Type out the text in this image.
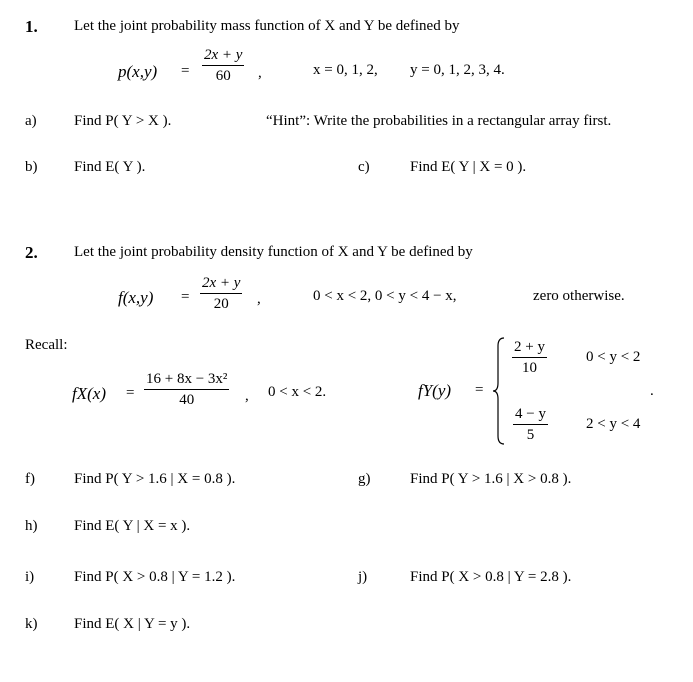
1. Let the joint probability mass function of X and Y be defined by
$p(x,y) = \frac{2x + y}{60}$ ,	x = 0, 1, 2, y = 0, 1, 2, 3, 4.
a) Find P( Y > X ).	“Hint”: Write the probabilities in a rectangular array first.
b) Find E( Y ).	c)	Find E( Y | X = 0 ).
2. Let the joint probability density function of X and Y be defined by
$f(x,y) = \frac{2x + y}{20}$ ,	0 < x < 2, 0 < y < 4 − x,	zero otherwise.
Recall:
$fX(x) = \frac{\text{16 + 8x − 3x²}}{40}$ , 0 < x < 2.	fY(y) =
$\frac{2 + y}{10}$	0 < y < 2
.
$\frac{4 - y}{5}$	2 < y < 4
f)	Find P( Y > 1.6 | X = 0.8 ).	g)	Find P( Y > 1.6 | X > 0.8 ).
h) Find E( Y | X = x ).
i)	Find P( X > 0.8 | Y = 1.2 ).	j)	Find P( X > 0.8 | Y = 2.8 ).
k) Find E( X | Y = y ).
